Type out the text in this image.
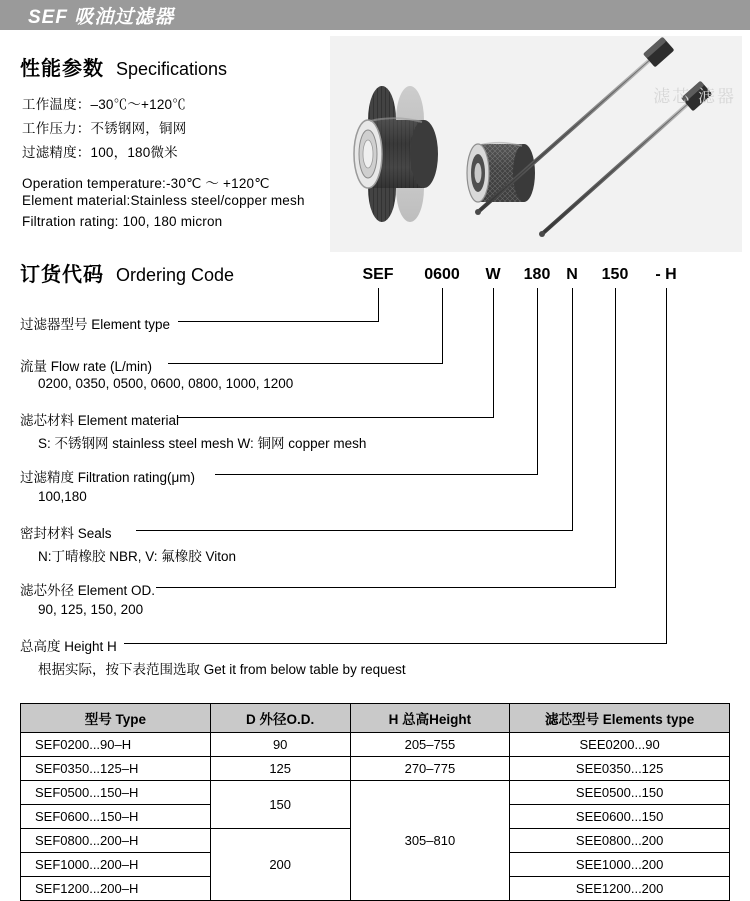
SEF 吸油过滤器
滤芯 滤器
性能参数 Specifications
工作温度：–30℃～+120℃
工作压力：不锈钢网，铜网
过滤精度：100，180微米
Operation temperature:-30℃ ～ +120℃
Element material:Stainless steel/copper mesh
Filtration rating: 100, 180 micron
订货代码 Ordering Code	SEF	0600	W	180 N	150	- H
过滤器型号 Element type
流量 Flow rate (L/min)
0200, 0350, 0500, 0600, 0800, 1000, 1200
滤芯材料 Element material
S: 不锈钢网 stainless steel mesh W: 铜网 copper mesh
过滤精度 Filtration rating(μm)
100,180
密封材料 Seals
N:丁晴橡胶 NBR, V: 氟橡胶 Viton
滤芯外径 Element OD.
90, 125, 150, 200
总高度 Height H
根据实际，按下表范围选取 Get it from below table by request
型号 Type	D 外径O.D.	H 总高Height	滤芯型号 Elements type
SEF0200...90–H	90	205–755	SEE0200...90
SEF0350...125–H	125	270–775	SEE0350...125
SEF0500...150–H	150	305–810	SEE0500...150
SEF0600...150–H			SEE0600...150
SEF0800...200–H	200		SEE0800...200
SEF1000...200–H			SEE1000...200
SEF1200...200–H			SEE1200...200
